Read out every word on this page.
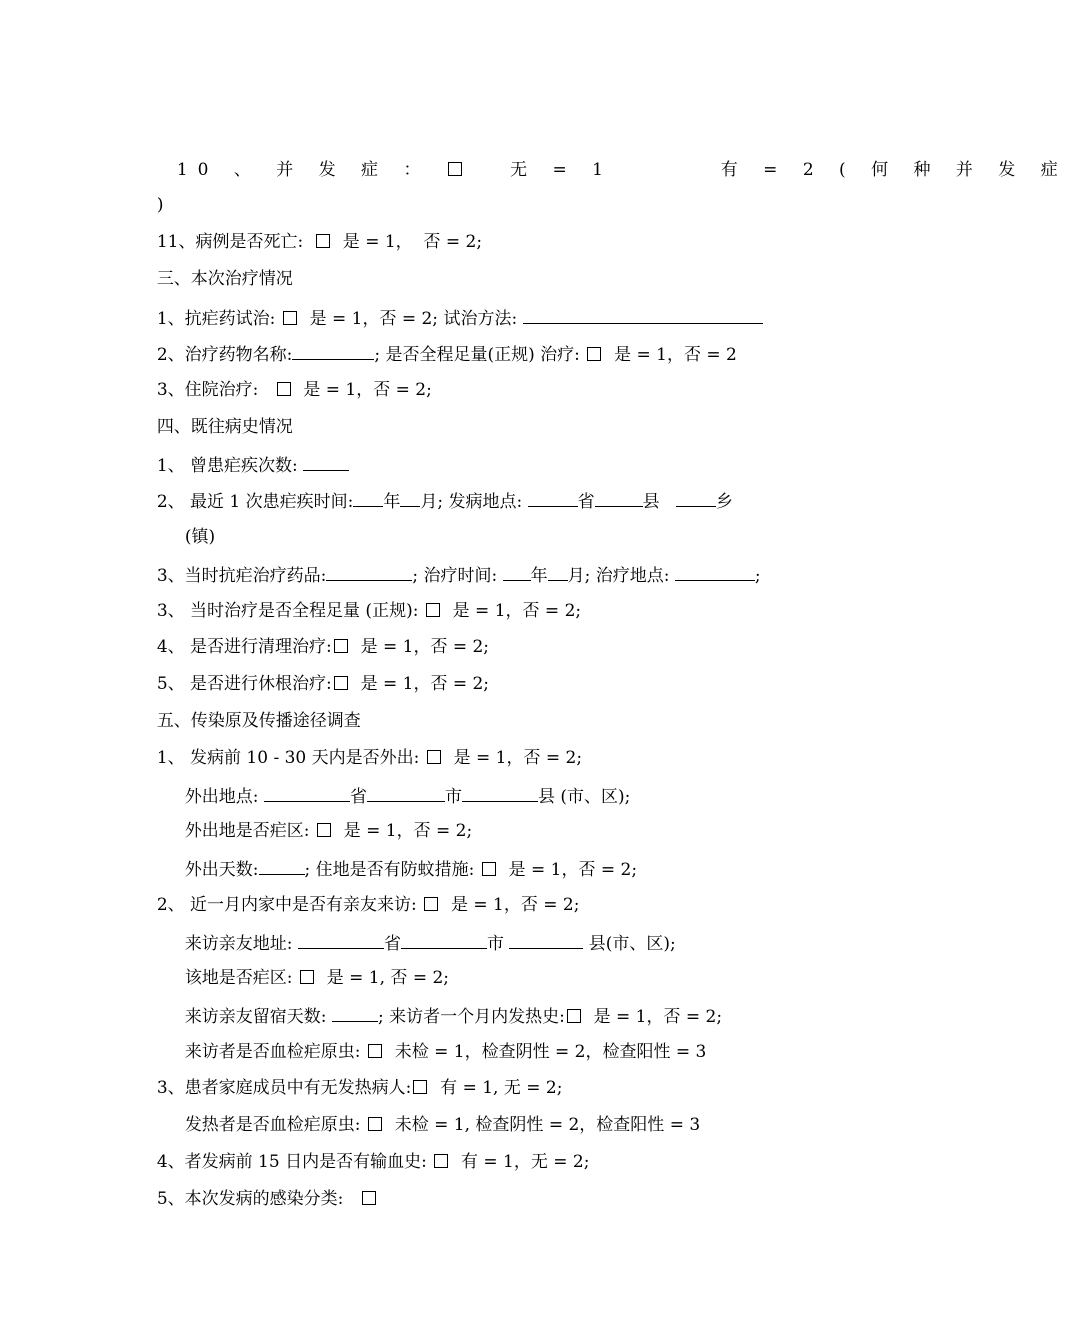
10 、 并 发 症 ：    无 = 1       有 = 2 ( 何 种 并 发 症

)

11、病例是否死亡:    是 = 1，  否 = 2;

三、本次治疗情况

1、抗疟药试治:   是 = 1，否 = 2; 试治方法:

2、治疗药物名称:	; 是否全程足量(正规) 治疗:   是 = 1，否 = 2

3、住院治疗:     是 = 1，否 = 2;

四、既往病史情况

1、 曾患疟疾次数:

2、 最近 1 次患疟疾时间: 年 月; 发病地点:	省	县   乡

(镇)

3、当时抗疟治疗药品:	; 治疗时间: 年 月; 治疗地点:	;

3、 当时治疗是否全程足量 (正规):   是 = 1，否 = 2;

4、 是否进行清理治疗:  是 = 1，否 = 2;

5、 是否进行休根治疗:  是 = 1，否 = 2;

五、传染原及传播途径调查

1、 发病前 10 - 30 天内是否外出:   是 = 1，否 = 2;

外出地点:	省	市	县 (市、区);

外出地是否疟区:   是 = 1，否 = 2;

外出天数:	; 住地是否有防蚊措施:   是 = 1，否 = 2;

2、 近一月内家中是否有亲友来访:   是 = 1，否 = 2;

来访亲友地址:	省	市	县(市、区);

该地是否疟区:   是 = 1, 否 = 2;

来访亲友留宿天数:	; 来访者一个月内发热史:  是 = 1，否 = 2;

来访者是否血检疟原虫:   未检 = 1，检查阴性 = 2，检查阳性 = 3

3、患者家庭成员中有无发热病人:  有 = 1, 无 = 2;

发热者是否血检疟原虫:   未检 = 1, 检查阴性 = 2，检查阳性 = 3

4、者发病前 15 日内是否有输血史:   有 = 1，无 = 2;

5、本次发病的感染分类:
